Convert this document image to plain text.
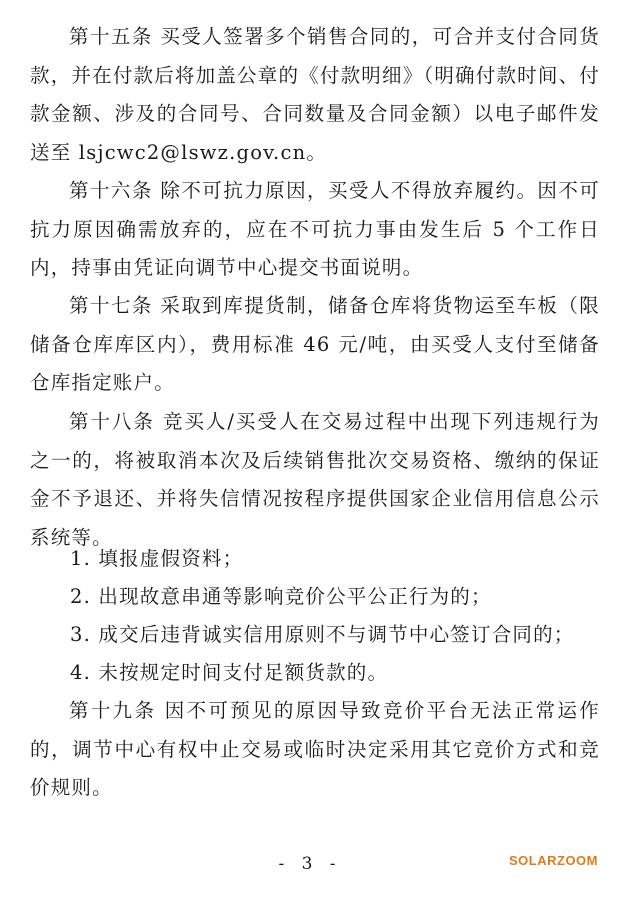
第十五条 买受人签署多个销售合同的，可合并支付合同货款，并在付款后将加盖公章的《付款明细》（明确付款时间、付款金额、涉及的合同号、合同数量及合同金额）以电子邮件发送至 lsjcwc2@lswz.gov.cn。

第十六条 除不可抗力原因，买受人不得放弃履约。因不可抗力原因确需放弃的，应在不可抗力事由发生后 5 个工作日内，持事由凭证向调节中心提交书面说明。

第十七条 采取到库提货制，储备仓库将货物运至车板（限储备仓库库区内），费用标准 46 元/吨，由买受人支付至储备仓库指定账户。

第十八条 竞买人/买受人在交易过程中出现下列违规行为之一的，将被取消本次及后续销售批次交易资格、缴纳的保证金不予退还、并将失信情况按程序提供国家企业信用信息公示系统等。

1. 填报虚假资料；

2. 出现故意串通等影响竞价公平公正行为的；

3. 成交后违背诚实信用原则不与调节中心签订合同的；

4. 未按规定时间支付足额货款的。

第十九条 因不可预见的原因导致竞价平台无法正常运作的，调节中心有权中止交易或临时决定采用其它竞价方式和竞价规则。

- 3 -	SOLARZOOM
